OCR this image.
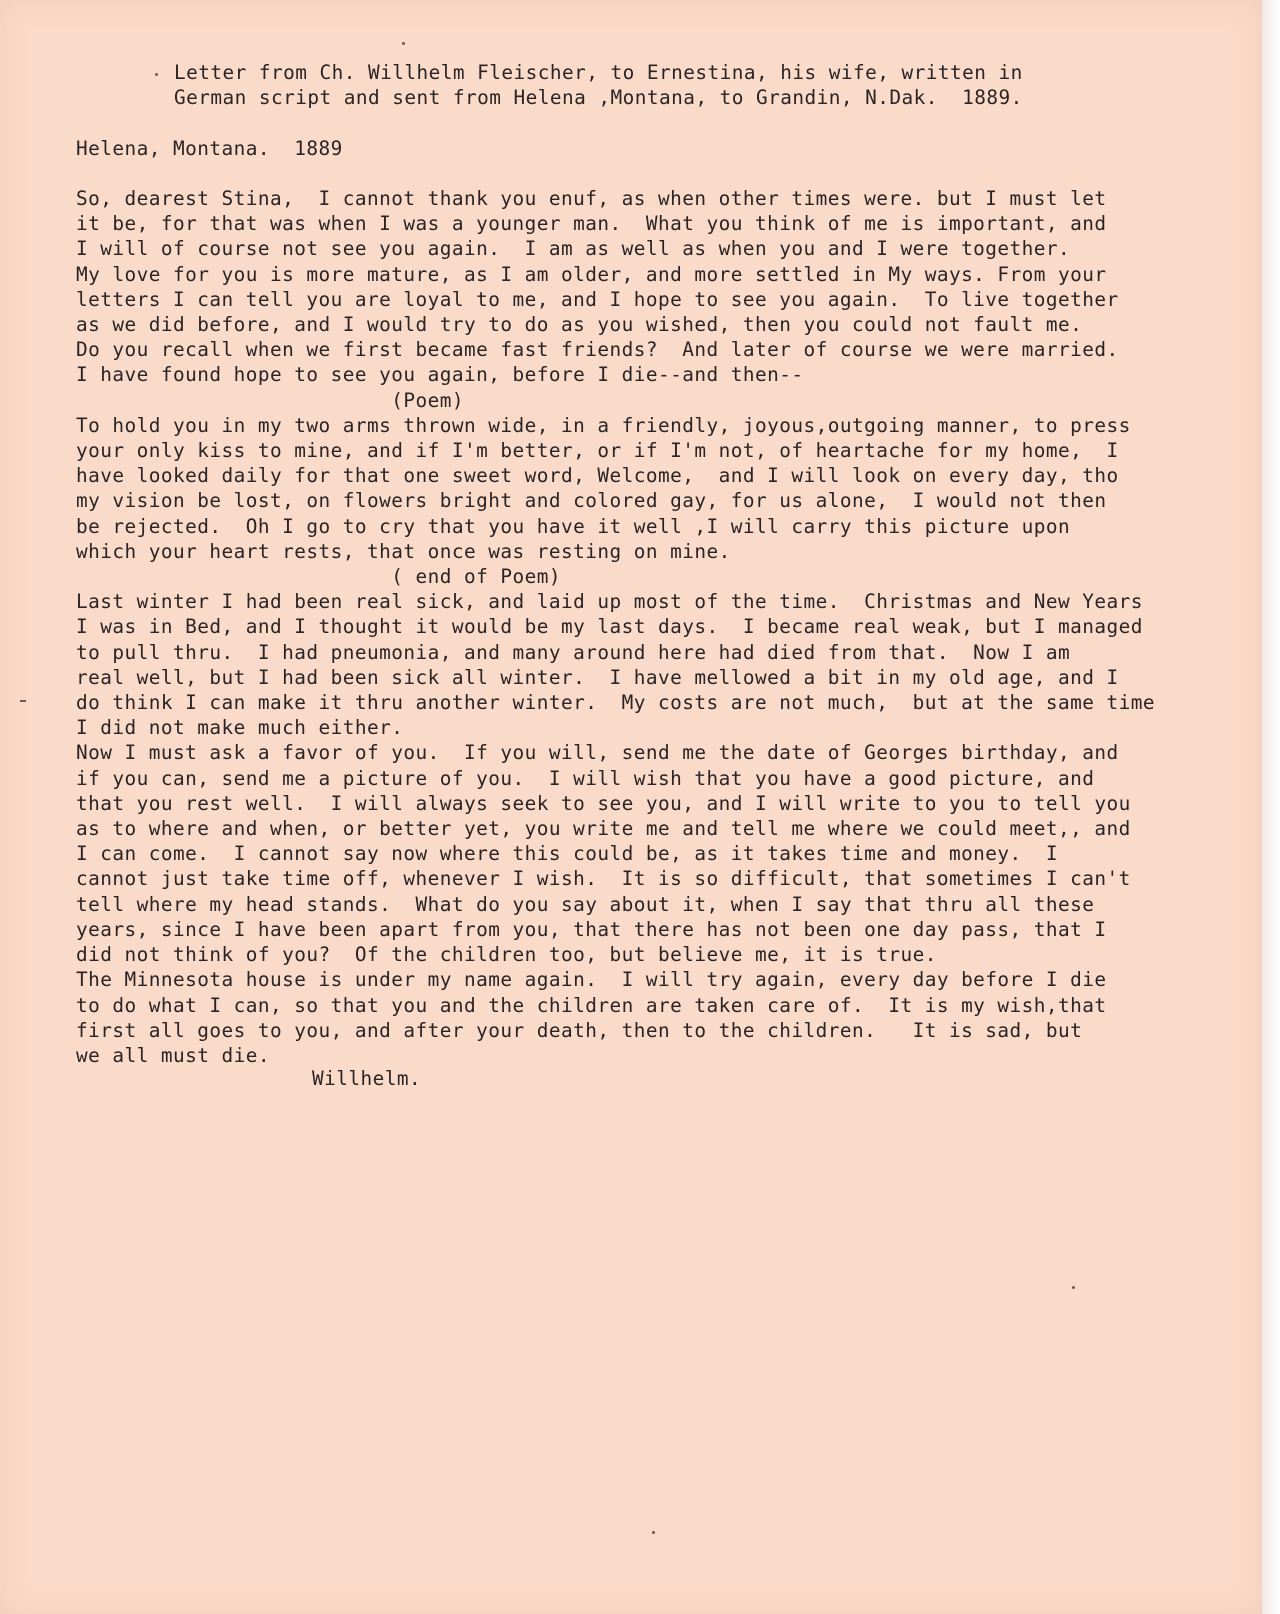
Letter from Ch. Willhelm Fleischer, to Ernestina, his wife, written in
German script and sent from Helena ,Montana, to Grandin, N.Dak.  1889.
Helena, Montana.  1889
So, dearest Stina,  I cannot thank you enuf, as when other times were. but I must let
it be, for that was when I was a younger man.  What you think of me is important, and
I will of course not see you again.  I am as well as when you and I were together.
My love for you is more mature, as I am older, and more settled in My ways. From your
letters I can tell you are loyal to me, and I hope to see you again.  To live together
as we did before, and I would try to do as you wished, then you could not fault me.
Do you recall when we first became fast friends?  And later of course we were married.
I have found hope to see you again, before I die--and then--
(Poem)
To hold you in my two arms thrown wide, in a friendly, joyous,outgoing manner, to press
your only kiss to mine, and if I'm better, or if I'm not, of heartache for my home,  I
have looked daily for that one sweet word, Welcome,  and I will look on every day, tho
my vision be lost, on flowers bright and colored gay, for us alone,  I would not then
be rejected.  Oh I go to cry that you have it well ,I will carry this picture upon
which your heart rests, that once was resting on mine.
( end of Poem)
Last winter I had been real sick, and laid up most of the time.  Christmas and New Years
I was in Bed, and I thought it would be my last days.  I became real weak, but I managed
to pull thru.  I had pneumonia, and many around here had died from that.  Now I am
real well, but I had been sick all winter.  I have mellowed a bit in my old age, and I
do think I can make it thru another winter.  My costs are not much,  but at the same time
I did not make much either.
Now I must ask a favor of you.  If you will, send me the date of Georges birthday, and
if you can, send me a picture of you.  I will wish that you have a good picture, and
that you rest well.  I will always seek to see you, and I will write to you to tell you
as to where and when, or better yet, you write me and tell me where we could meet,, and
I can come.  I cannot say now where this could be, as it takes time and money.  I
cannot just take time off, whenever I wish.  It is so difficult, that sometimes I can't
tell where my head stands.  What do you say about it, when I say that thru all these
years, since I have been apart from you, that there has not been one day pass, that I
did not think of you?  Of the children too, but believe me, it is true.
The Minnesota house is under my name again.  I will try again, every day before I die
to do what I can, so that you and the children are taken care of.  It is my wish,that
first all goes to you, and after your death, then to the children.   It is sad, but
we all must die.
Willhelm.
